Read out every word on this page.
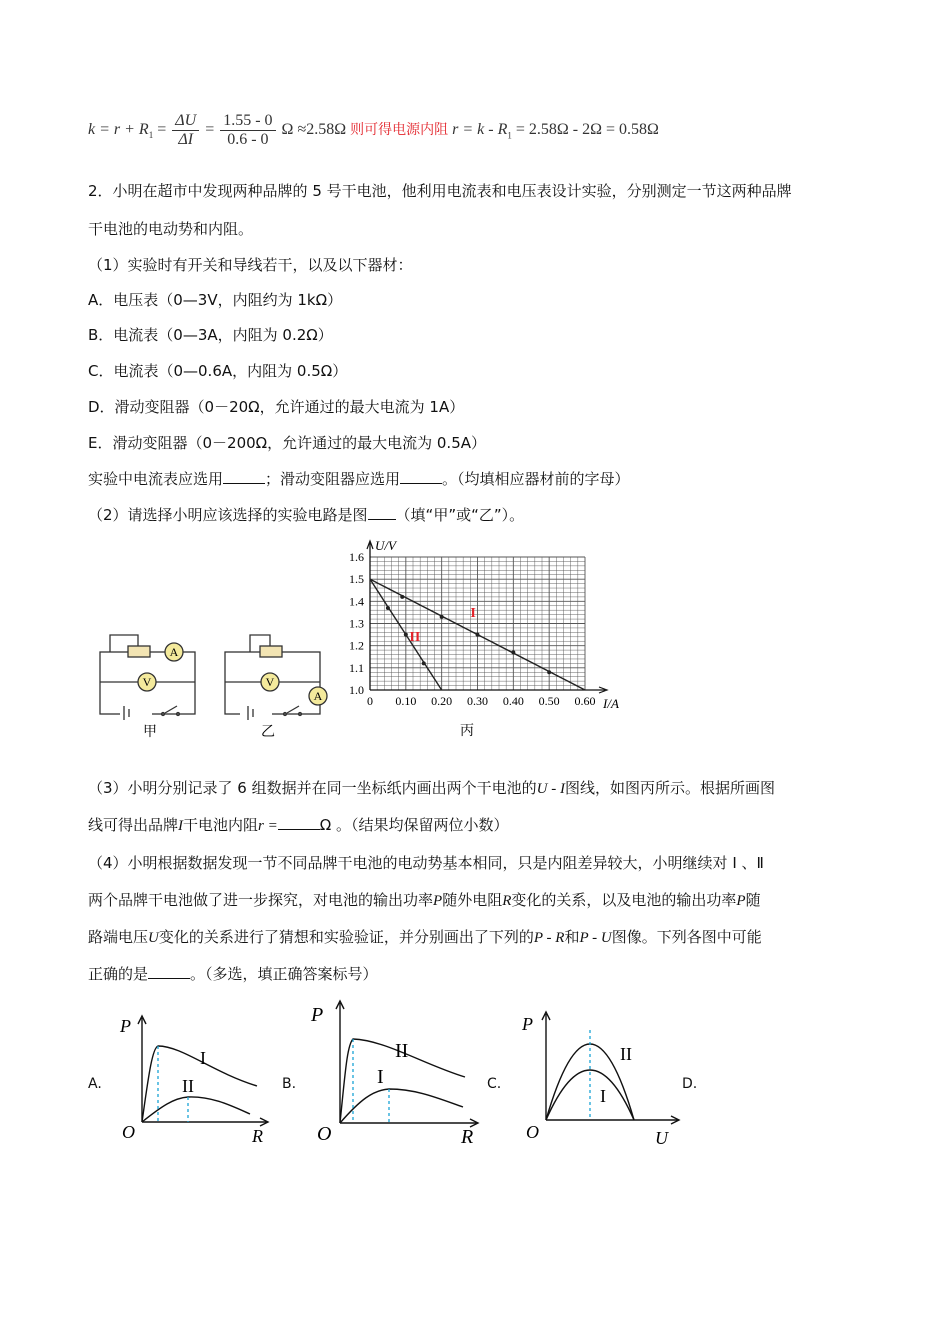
$k = r + R_1 = \frac{\Delta U}{\Delta I} = \frac{1.55 - 0}{0.6 - 0}$ Ω ≈2.58Ω 则可得电源内阻 $r = k - R_1 = 2.58\Omega - 2\Omega = 0.58\Omega$
2．小明在超市中发现两种品牌的 5 号干电池，他利用电流表和电压表设计实验，分别测定一节这两种品牌
干电池的电动势和内阻。
（1）实验时有开关和导线若干，以及以下器材：
A．电压表（0—3V，内阻约为 1kΩ）
B．电流表（0—3A，内阻为 0.2Ω）
C．电流表（0—0.6A，内阻为 0.5Ω）
D．滑动变阻器（0－20Ω，允许通过的最大电流为 1A）
E．滑动变阻器（0－200Ω，允许通过的最大电流为 0.5A）
实验中电流表应选用	；滑动变阻器应选用	。（均填相应器材前的字母）
（2）请选择小明应该选择的实验电路是图 （填“甲”或“乙”）。
A
V	V
A
甲	乙
0 0.10 0.20 0.30 0.40 0.50 0.60
1.0
1.1
1.2
1.3
1.4
1.5
1.6
I
II
U/V
I/A
丙
（3）小明分别记录了 6 组数据并在同一坐标纸内画出两个干电池的U - I图线，如图丙所示。根据所画图
线可得出品牌I干电池内阻r =	Ω 。（结果均保留两位小数）
（4）小明根据数据发现一节不同品牌干电池的电动势基本相同，只是内阻差异较大，小明继续对 Ⅰ 、Ⅱ
两个品牌干电池做了进一步探究，对电池的输出功率P随外电阻R变化的关系，以及电池的输出功率P随
路端电压U变化的关系进行了猜想和实验验证，并分别画出了下列的P - R和P - U图像。下列各图中可能
正确的是	。（多选，填正确答案标号）
A.	B.	C.	D.
P
O	R
I
II
P
O	R
II
I
P
O	U
II
I
